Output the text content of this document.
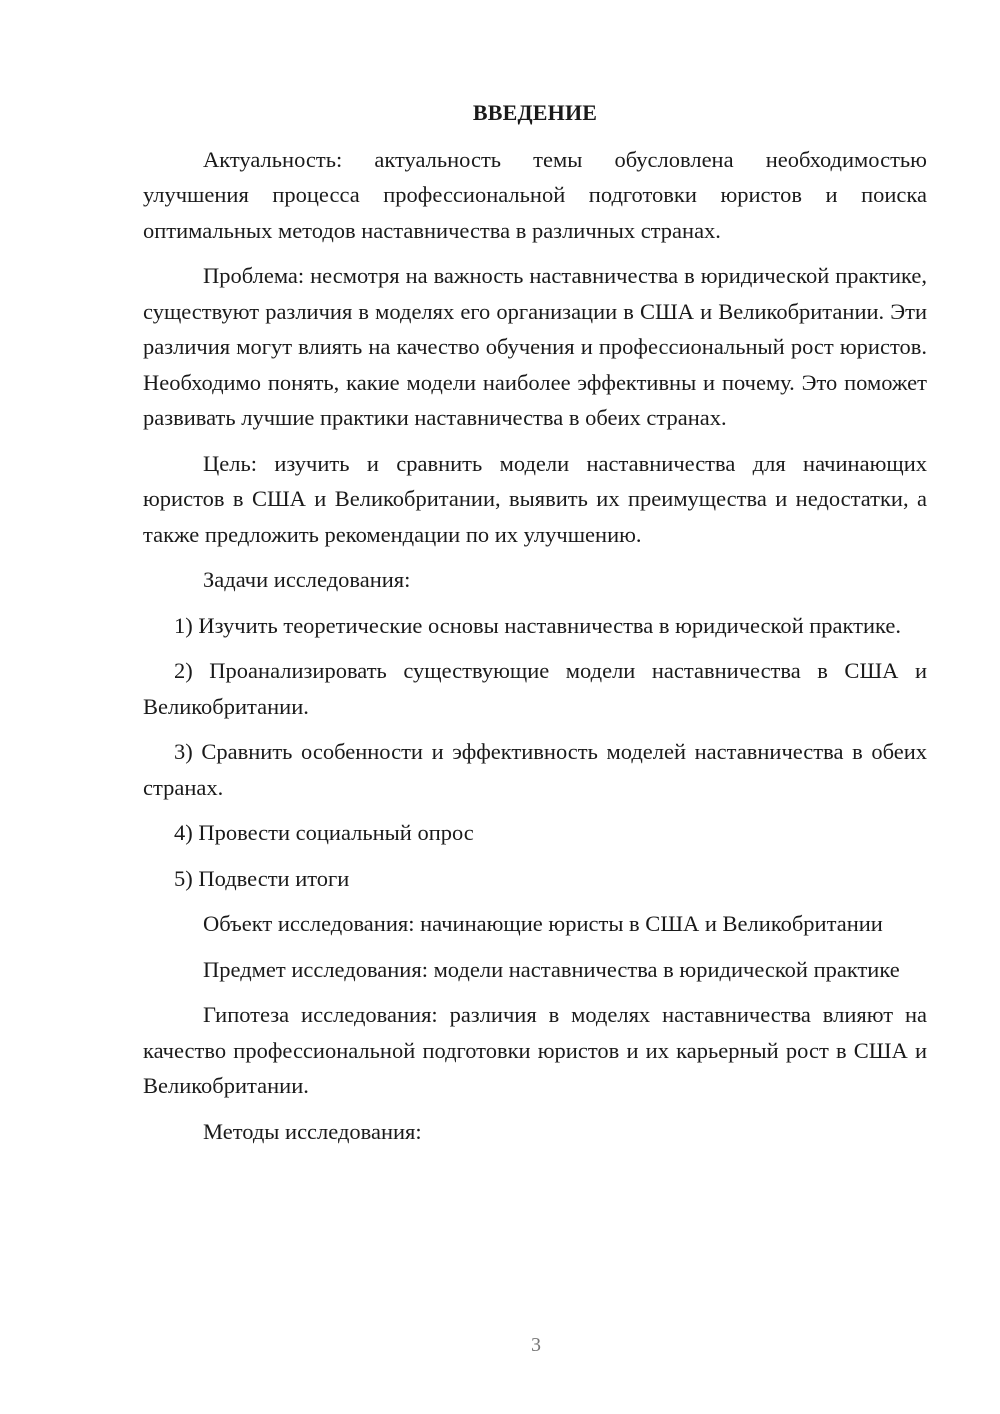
ВВЕДЕНИЕ

Актуальность: актуальность темы обусловлена необходимостью улучшения процесса профессиональной подготовки юристов и поиска оптимальных методов наставничества в различных странах.

Проблема: несмотря на важность наставничества в юридической практике, существуют различия в моделях его организации в США и Великобритании. Эти различия могут влиять на качество обучения и профессиональный рост юристов. Необходимо понять, какие модели наиболее эффективны и почему. Это поможет развивать лучшие практики наставничества в обеих странах.

Цель: изучить и сравнить модели наставничества для начинающих юристов в США и Великобритании, выявить их преимущества и недостатки, а также предложить рекомендации по их улучшению.

Задачи исследования:

1) Изучить теоретические основы наставничества в юридической практике.

2) Проанализировать существующие модели наставничества в США и Великобритании.

3) Сравнить особенности и эффективность моделей наставничества в обеих странах.

4) Провести социальный опрос

5) Подвести итоги

Объект исследования: начинающие юристы в США и Великобритании

Предмет исследования: модели наставничества в юридической практике

Гипотеза исследования: различия в моделях наставничества влияют на качество профессиональной подготовки юристов и их карьерный рост в США и Великобритании.

Методы исследования:

3
